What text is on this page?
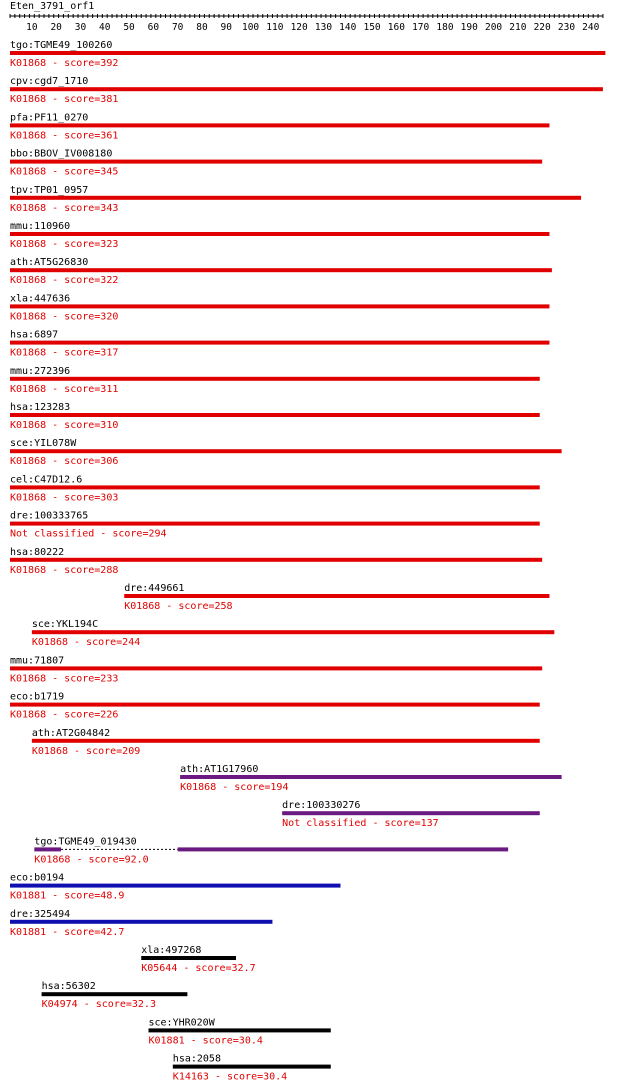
Eten_3791_orf1
10 20 30 40 50 60 70 80 90 100 110 120 130 140 150 160 170 180 190 200 210 220 230 240
tgo:TGME49_100260
K01868 - score=392
cpv:cgd7_1710
K01868 - score=381
pfa:PF11_0270
K01868 - score=361
bbo:BBOV_IV008180
K01868 - score=345
tpv:TP01_0957
K01868 - score=343
mmu:110960
K01868 - score=323
ath:AT5G26830
K01868 - score=322
xla:447636
K01868 - score=320
hsa:6897
K01868 - score=317
mmu:272396
K01868 - score=311
hsa:123283
K01868 - score=310
sce:YIL078W
K01868 - score=306
cel:C47D12.6
K01868 - score=303
dre:100333765
Not classified - score=294
hsa:80222
K01868 - score=288
dre:449661
K01868 - score=258
sce:YKL194C
K01868 - score=244
mmu:71807
K01868 - score=233
eco:b1719
K01868 - score=226
ath:AT2G04842
K01868 - score=209
ath:AT1G17960
K01868 - score=194
dre:100330276
Not classified - score=137
tgo:TGME49_019430
K01868 - score=92.0
eco:b0194
K01881 - score=48.9
dre:325494
K01881 - score=42.7
xla:497268
K05644 - score=32.7
hsa:56302
K04974 - score=32.3
sce:YHR020W
K01881 - score=30.4
hsa:2058
K14163 - score=30.4
